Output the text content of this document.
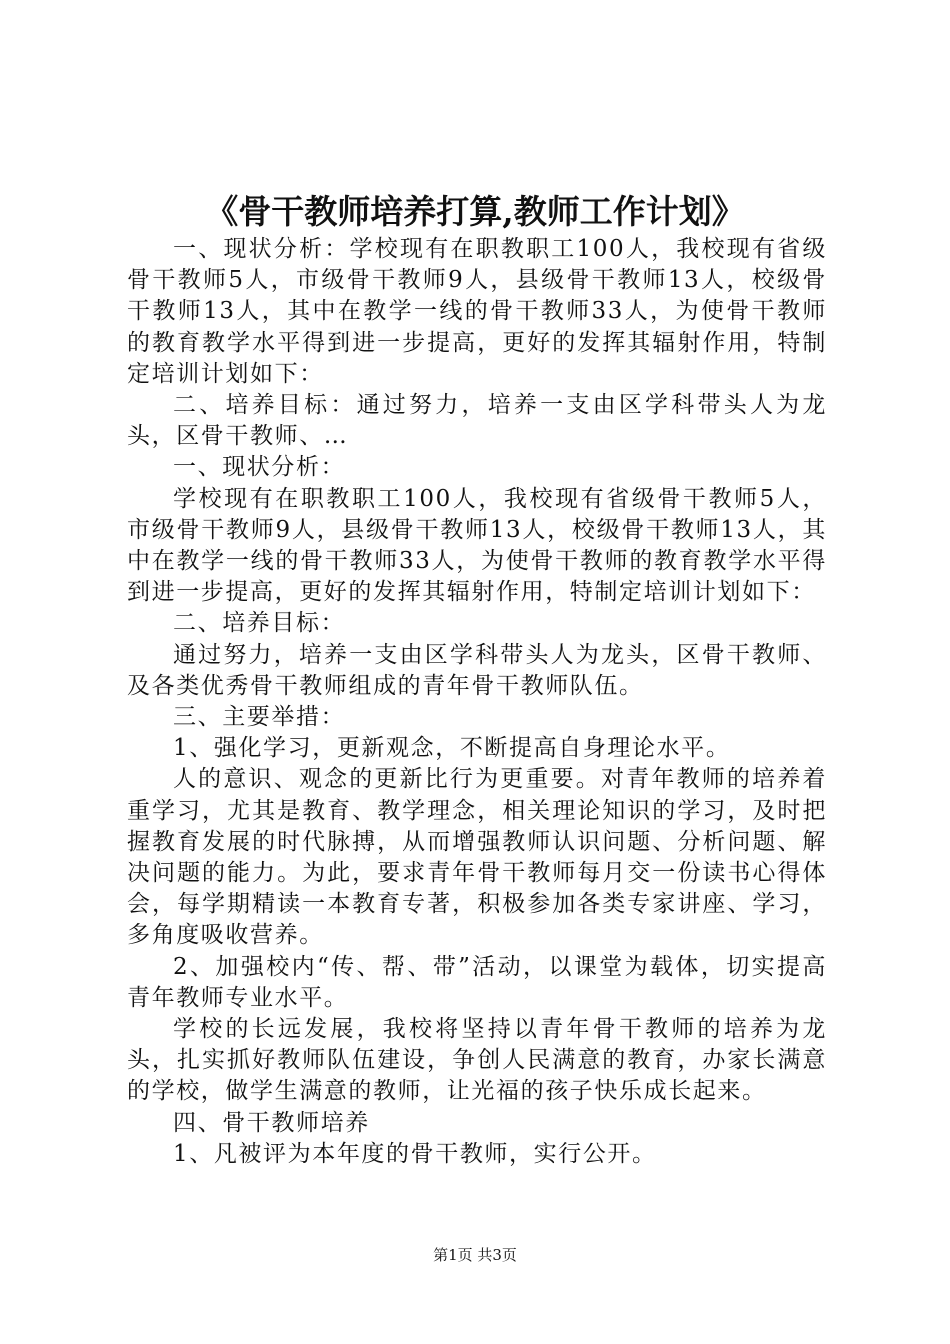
《骨干教师培养打算,教师工作计划》

一、现状分析：学校现有在职教职工100人，我校现有省级骨干教师5人，市级骨干教师9人，县级骨干教师13人，校级骨干教师13人，其中在教学一线的骨干教师33人，为使骨干教师的教育教学水平得到进一步提高，更好的发挥其辐射作用，特制定培训计划如下：

二、培养目标：通过努力，培养一支由区学科带头人为龙头，区骨干教师、…

一、现状分析：

学校现有在职教职工100人，我校现有省级骨干教师5人，市级骨干教师9人，县级骨干教师13人，校级骨干教师13人，其中在教学一线的骨干教师33人，为使骨干教师的教育教学水平得到进一步提高，更好的发挥其辐射作用，特制定培训计划如下：

二、培养目标：

通过努力，培养一支由区学科带头人为龙头，区骨干教师、及各类优秀骨干教师组成的青年骨干教师队伍。

三、主要举措：

1、强化学习，更新观念，不断提高自身理论水平。

人的意识、观念的更新比行为更重要。对青年教师的培养着重学习，尤其是教育、教学理念，相关理论知识的学习，及时把握教育发展的时代脉搏，从而增强教师认识问题、分析问题、解决问题的能力。为此，要求青年骨干教师每月交一份读书心得体会，每学期精读一本教育专著，积极参加各类专家讲座、学习，多角度吸收营养。

2、加强校内“传、帮、带”活动，以课堂为载体，切实提高青年教师专业水平。

学校的长远发展，我校将坚持以青年骨干教师的培养为龙头，扎实抓好教师队伍建设，争创人民满意的教育，办家长满意的学校，做学生满意的教师，让光福的孩子快乐成长起来。

四、骨干教师培养

1、凡被评为本年度的骨干教师，实行公开。

第1页 共3页
